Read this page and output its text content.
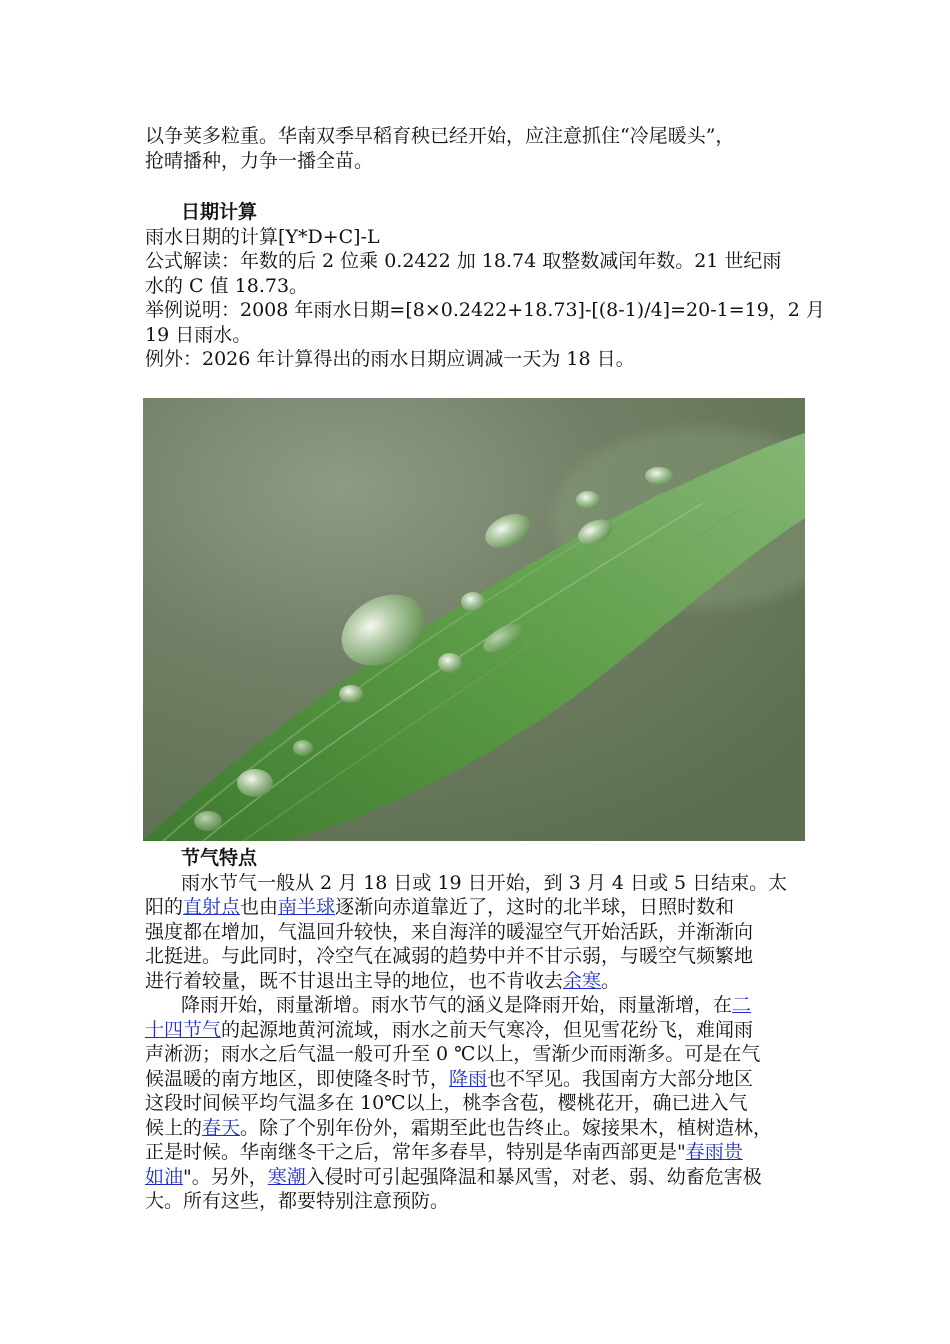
以争荚多粒重。华南双季早稻育秧已经开始，应注意抓住“冷尾暖头”，
抢晴播种，力争一播全苗。
日期计算
雨水日期的计算[Y*D+C]-L
公式解读：年数的后 2 位乘 0.2422 加 18.74 取整数减闰年数。21 世纪雨
水的 C 值 18.73。
举例说明：2008 年雨水日期=[8×0.2422+18.73]-[(8-1)/4]=20-1=19，2 月
19 日雨水。
例外：2026 年计算得出的雨水日期应调减一天为 18 日。
节气特点
雨水节气一般从 2 月 18 日或 19 日开始，到 3 月 4 日或 5 日结束。太
阳的直射点也由南半球逐渐向赤道靠近了，这时的北半球，日照时数和
强度都在增加，气温回升较快，来自海洋的暖湿空气开始活跃，并渐渐向
北挺进。与此同时，冷空气在减弱的趋势中并不甘示弱，与暖空气频繁地
进行着较量，既不甘退出主导的地位，也不肯收去余寒。
降雨开始，雨量渐增。雨水节气的涵义是降雨开始，雨量渐增，在二
十四节气的起源地黄河流域，雨水之前天气寒冷，但见雪花纷飞，难闻雨
声淅沥；雨水之后气温一般可升至 0 ℃以上，雪渐少而雨渐多。可是在气
候温暖的南方地区，即使隆冬时节，降雨也不罕见。我国南方大部分地区
这段时间候平均气温多在 10℃以上，桃李含苞，樱桃花开，确已进入气
候上的春天。除了个别年份外，霜期至此也告终止。嫁接果木，植树造林，
正是时候。华南继冬干之后，常年多春旱，特别是华南西部更是"春雨贵
如油"。另外，寒潮入侵时可引起强降温和暴风雪，对老、弱、幼畜危害极
大。所有这些，都要特别注意预防。
